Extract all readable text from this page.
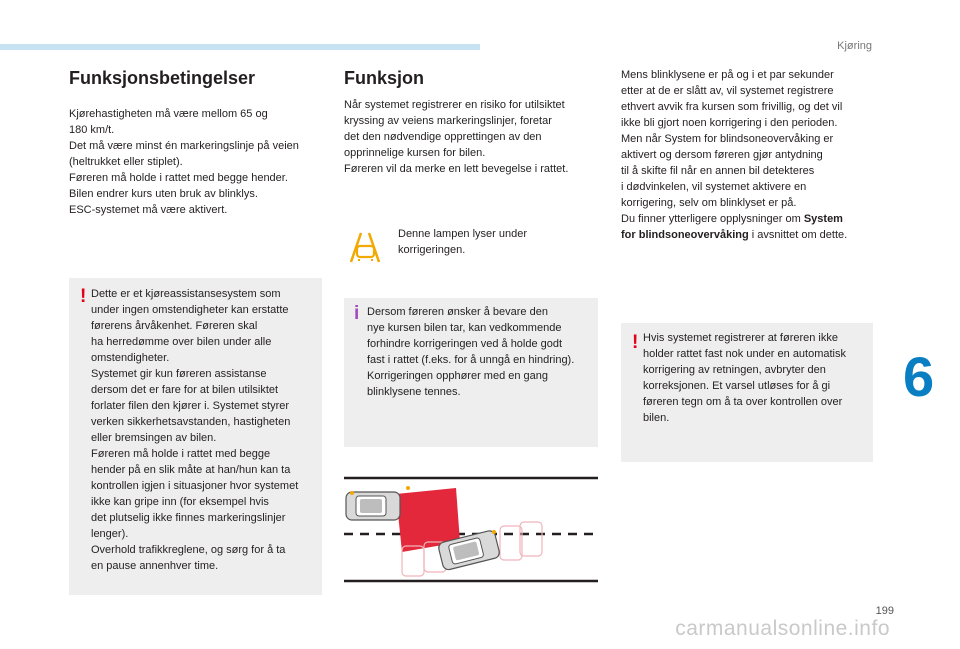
Kjøring
6
Funksjonsbetingelser
Kjørehastigheten må være mellom 65 og
180 km/t.
Det må være minst én markeringslinje på veien
(heltrukket eller stiplet).
Føreren må holde i rattet med begge hender.
Bilen endrer kurs uten bruk av blinklys.
ESC-systemet må være aktivert.
! Dette er et kjøreassistansesystem som
under ingen omstendigheter kan erstatte
førerens årvåkenhet. Føreren skal
ha herredømme over bilen under alle
omstendigheter.
Systemet gir kun føreren assistanse
dersom det er fare for at bilen utilsiktet
forlater filen den kjører i. Systemet styrer
verken sikkerhetsavstanden, hastigheten
eller bremsingen av bilen.
Føreren må holde i rattet med begge
hender på en slik måte at han/hun kan ta
kontrollen igjen i situasjoner hvor systemet
ikke kan gripe inn (for eksempel hvis
det plutselig ikke finnes markeringslinjer
lenger).
Overhold trafikkreglene, og sørg for å ta
en pause annenhver time.
Funksjon
Når systemet registrerer en risiko for utilsiktet
kryssing av veiens markeringslinjer, foretar
det den nødvendige opprettingen av den
opprinnelige kursen for bilen.
Føreren vil da merke en lett bevegelse i rattet.
Denne lampen lyser under
korrigeringen.
i Dersom føreren ønsker å bevare den
nye kursen bilen tar, kan vedkommende
forhindre korrigeringen ved å holde godt
fast i rattet (f.eks. for å unngå en hindring).
Korrigeringen opphører med en gang
blinklysene tennes.
Mens blinklysene er på og i et par sekunder
etter at de er slått av, vil systemet registrere
ethvert avvik fra kursen som frivillig, og det vil
ikke bli gjort noen korrigering i den perioden.
Men når System for blindsoneovervåking er
aktivert og dersom føreren gjør antydning
til å skifte fil når en annen bil detekteres
i dødvinkelen, vil systemet aktivere en
korrigering, selv om blinklyset er på.
Du finner ytterligere opplysninger om System
for blindsoneovervåking i avsnittet om dette.
! Hvis systemet registrerer at føreren ikke
holder rattet fast nok under en automatisk
korrigering av retningen, avbryter den
korreksjonen. Et varsel utløses for å gi
føreren tegn om å ta over kontrollen over
bilen.
199
carmanualsonline.info
